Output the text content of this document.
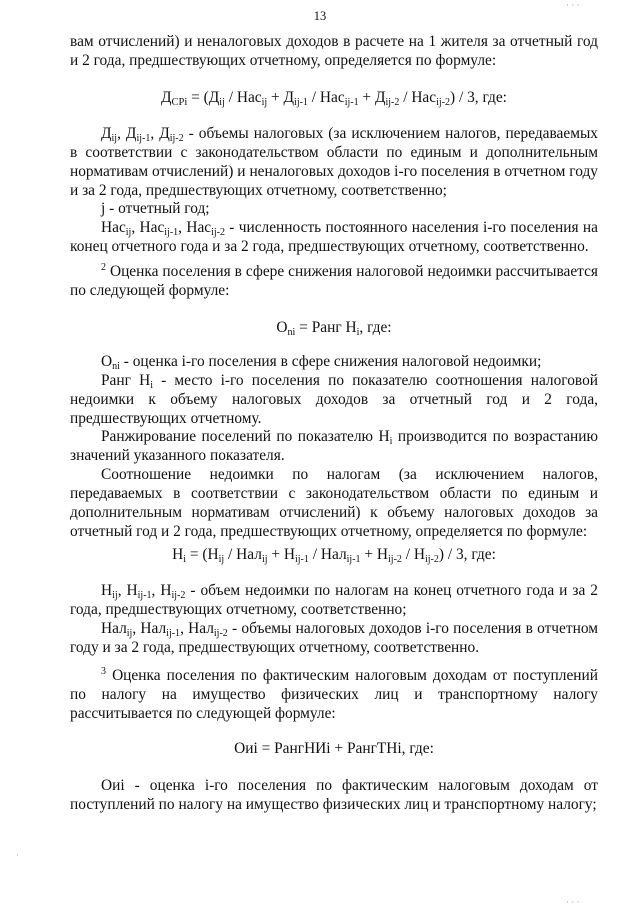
13
· · ·
вам отчислений) и неналоговых доходов в расчете на 1 жителя за отчетный год и 2 года, предшествующих отчетному, определяется по формуле:
$Д_{CPi} = (Д_{ij} / Нас_{ij} + Д_{ij-1} / Нас_{ij-1} + Д_{ij-2} / Нас_{ij-2}) / 3$, где:
$Д_{ij}$, $Д_{ij-1}$, $Д_{ij-2}$ - объемы налоговых (за исключением налогов, передаваемых в соответствии с законодательством области по единым и дополнительным нормативам отчислений) и неналоговых доходов i-го поселения в отчетном году и за 2 года, предшествующих отчетному, соответственно;
j - отчетный год;
Нас$_{ij}$, Нас$_{ij-1}$, Нас$_{ij-2}$ - численность постоянного населения i-го поселения на конец отчетного года и за 2 года, предшествующих отчетному, соответственно.
$^2$ Оценка поселения в сфере снижения налоговой недоимки рассчитывается по следующей формуле:
$О_{ni}$ = Ранг $Н_i$, где:
$О_{ni}$ - оценка i-го поселения в сфере снижения налоговой недоимки;
Ранг $Н_i$ - место i-го поселения по показателю соотношения налоговой недоимки к объему налоговых доходов за отчетный год и 2 года, предшествующих отчетному.
Ранжирование поселений по показателю $Н_i$ производится по возрастанию значений указанного показателя.
Соотношение недоимки по налогам (за исключением налогов, передаваемых в соответствии с законодательством области по единым и дополнительным нормативам отчислений) к объему налоговых доходов за отчетный год и 2 года, предшествующих отчетному, определяется по формуле:
$Н_i = (Н_{ij} / Нал_{ij} + Н_{ij-1} / Нал_{ij-1} + Н_{ij-2} / Н_{ij-2}) / 3$, где:
$Н_{ij}$, $Н_{ij-1}$, $Н_{ij-2}$ - объем недоимки по налогам на конец отчетного года и за 2 года, предшествующих отчетному, соответственно;
Нал$_{ij}$, Нал$_{ij-1}$, Нал$_{ij-2}$ - объемы налоговых доходов i-го поселения в отчетном году и за 2 года, предшествующих отчетному, соответственно.
$^3$ Оценка поселения по фактическим налоговым доходам от поступлений по налогу на имущество физических лиц и транспортному налогу рассчитывается по следующей формуле:
Оиi = РангНИi + РангТНi, где:
Оиi - оценка i-го поселения по фактическим налоговым доходам от поступлений по налогу на имущество физических лиц и транспортному налогу;
·
· · ·
